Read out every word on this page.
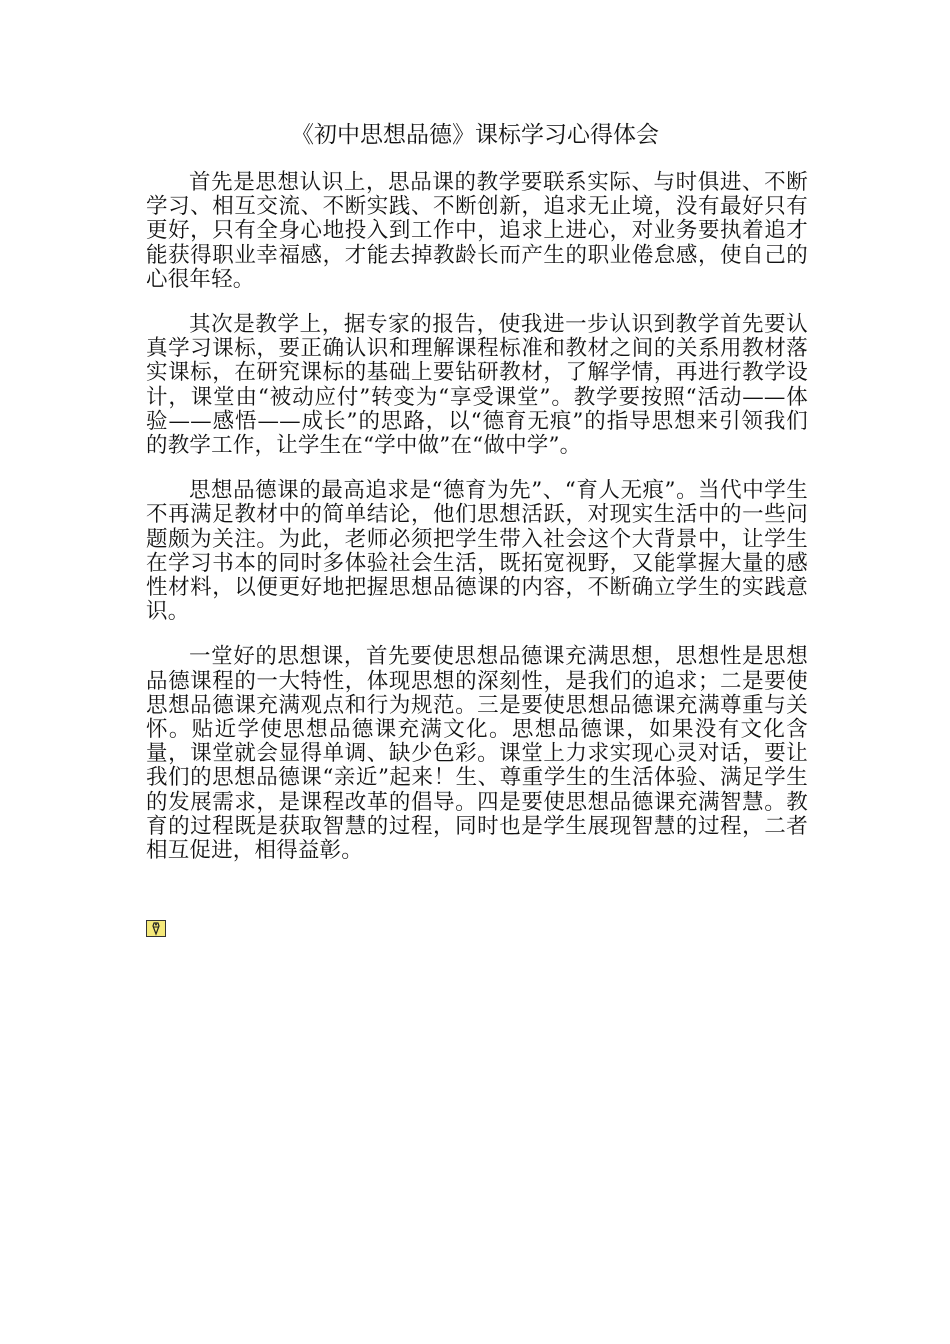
《初中思想品德》课标学习心得体会

首先是思想认识上，思品课的教学要联系实际、与时俱进、不断学习、相互交流、不断实践、不断创新，追求无止境，没有最好只有更好，只有全身心地投入到工作中，追求上进心，对业务要执着追才能获得职业幸福感，才能去掉教龄长而产生的职业倦怠感，使自己的心很年轻。

其次是教学上，据专家的报告，使我进一步认识到教学首先要认真学习课标，要正确认识和理解课程标准和教材之间的关系用教材落实课标，在研究课标的基础上要钻研教材，了解学情，再进行教学设计，课堂由“被动应付”转变为“享受课堂”。教学要按照“活动——体验——感悟——成长”的思路，以“德育无痕”的指导思想来引领我们的教学工作，让学生在“学中做”在“做中学”。

思想品德课的最高追求是“德育为先”、“育人无痕”。当代中学生不再满足教材中的简单结论，他们思想活跃，对现实生活中的一些问题颇为关注。为此，老师必须把学生带入社会这个大背景中，让学生在学习书本的同时多体验社会生活，既拓宽视野，又能掌握大量的感性材料，以便更好地把握思想品德课的内容，不断确立学生的实践意识。

一堂好的思想课，首先要使思想品德课充满思想，思想性是思想品德课程的一大特性，体现思想的深刻性，是我们的追求；二是要使思想品德课充满观点和行为规范。三是要使思想品德课充满尊重与关怀。贴近学使思想品德课充满文化。思想品德课，如果没有文化含量，课堂就会显得单调、缺少色彩。课堂上力求实现心灵对话，要让我们的思想品德课“亲近”起来！生、尊重学生的生活体验、满足学生的发展需求，是课程改革的倡导。四是要使思想品德课充满智慧。教育的过程既是获取智慧的过程，同时也是学生展现智慧的过程，二者相互促进，相得益彰。
